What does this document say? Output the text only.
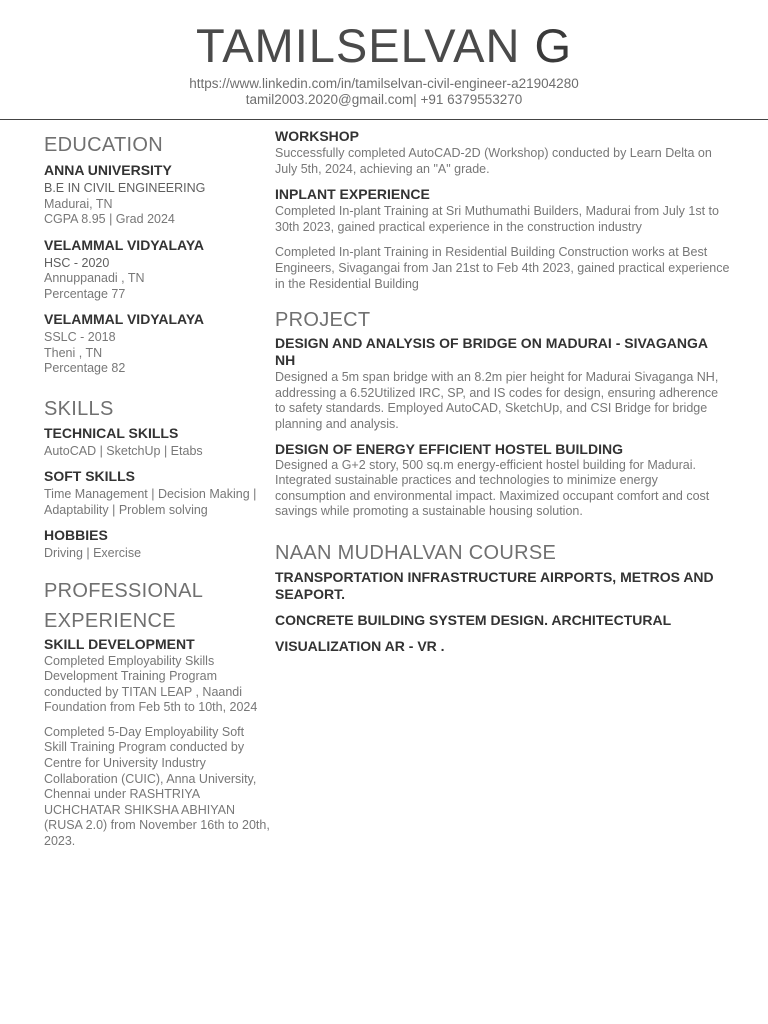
TAMILSELVAN G
https://www.linkedin.com/in/tamilselvan-civil-engineer-a21904280
tamil2003.2020@gmail.com| +91 6379553270
EDUCATION
ANNA UNIVERSITY
B.E IN CIVIL ENGINEERING
Madurai, TN
CGPA 8.95 | Grad 2024
VELAMMAL VIDYALAYA
HSC - 2020
Annuppanadi , TN
Percentage 77
VELAMMAL VIDYALAYA
SSLC - 2018
Theni , TN
Percentage 82
SKILLS
TECHNICAL SKILLS
AutoCAD | SketchUp | Etabs
SOFT SKILLS
Time Management | Decision Making |
Adaptability | Problem solving
HOBBIES
Driving | Exercise
PROFESSIONAL
EXPERIENCE
SKILL DEVELOPMENT
Completed Employability Skills Development Training Program conducted by TITAN LEAP , Naandi Foundation from Feb 5th to 10th, 2024
Completed 5-Day Employability Soft Skill Training Program conducted by Centre for University Industry Collaboration (CUIC), Anna University, Chennai under RASHTRIYA UCHCHATAR SHIKSHA ABHIYAN (RUSA 2.0) from November 16th to 20th, 2023.
WORKSHOP
Successfully completed AutoCAD-2D (Workshop) conducted by Learn Delta on July 5th, 2024, achieving an "A" grade.
INPLANT EXPERIENCE
Completed In-plant Training at Sri Muthumathi Builders, Madurai from July 1st to 30th 2023, gained practical experience in the construction industry
Completed In-plant Training in Residential Building Construction works at Best Engineers, Sivagangai from Jan 21st to Feb 4th 2023, gained practical experience in the Residential Building
PROJECT
DESIGN AND ANALYSIS OF BRIDGE ON MADURAI - SIVAGANGA NH
Designed a 5m span bridge with an 8.2m pier height for Madurai Sivaganga NH, addressing a 6.52Utilized IRC, SP, and IS codes for design, ensuring adherence to safety standards. Employed AutoCAD, SketchUp, and CSI Bridge for bridge planning and analysis.
DESIGN OF ENERGY EFFICIENT HOSTEL BUILDING
Designed a G+2 story, 500 sq.m energy-efficient hostel building for Madurai. Integrated sustainable practices and technologies to minimize energy consumption and environmental impact. Maximized occupant comfort and cost savings while promoting a sustainable housing solution.
NAAN MUDHALVAN COURSE
TRANSPORTATION INFRASTRUCTURE AIRPORTS, METROS AND SEAPORT.
CONCRETE BUILDING SYSTEM DESIGN. ARCHITECTURAL
VISUALIZATION AR - VR .
